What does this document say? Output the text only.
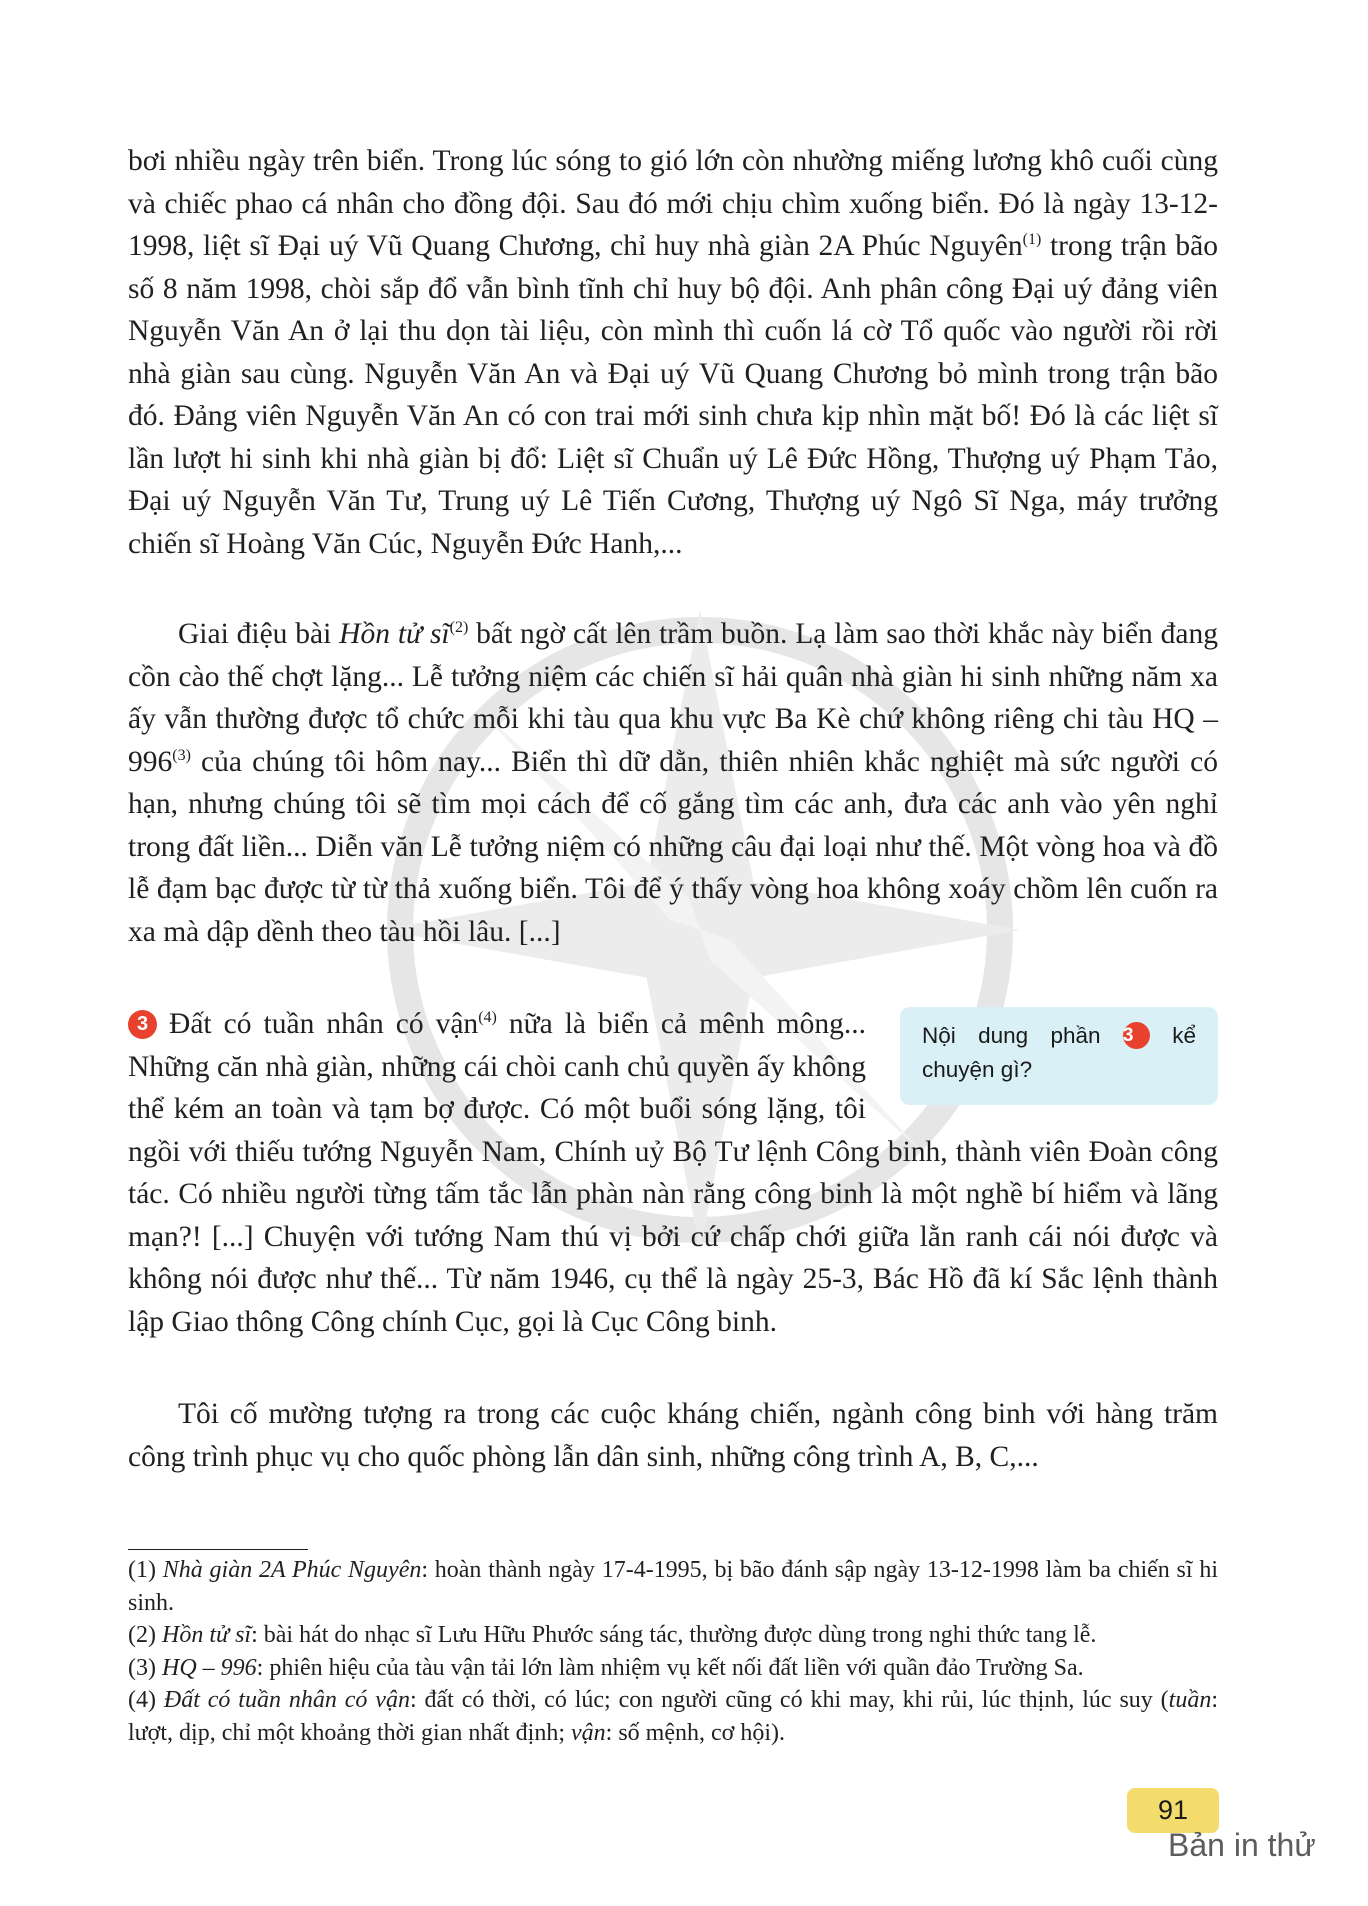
bơi nhiều ngày trên biển. Trong lúc sóng to gió lớn còn nhường miếng lương khô cuối cùng và chiếc phao cá nhân cho đồng đội. Sau đó mới chịu chìm xuống biển. Đó là ngày 13-12-1998, liệt sĩ Đại uý Vũ Quang Chương, chỉ huy nhà giàn 2A Phúc Nguyên$^{(1)}$ trong trận bão số 8 năm 1998, chòi sắp đổ vẫn bình tĩnh chỉ huy bộ đội. Anh phân công Đại uý đảng viên Nguyễn Văn An ở lại thu dọn tài liệu, còn mình thì cuốn lá cờ Tổ quốc vào người rồi rời nhà giàn sau cùng. Nguyễn Văn An và Đại uý Vũ Quang Chương bỏ mình trong trận bão đó. Đảng viên Nguyễn Văn An có con trai mới sinh chưa kịp nhìn mặt bố! Đó là các liệt sĩ lần lượt hi sinh khi nhà giàn bị đổ: Liệt sĩ Chuẩn uý Lê Đức Hồng, Thượng uý Phạm Tảo, Đại uý Nguyễn Văn Tư, Trung uý Lê Tiến Cương, Thượng uý Ngô Sĩ Nga, máy trưởng chiến sĩ Hoàng Văn Cúc, Nguyễn Đức Hanh,...

Giai điệu bài Hồn tử $sĩ^{(2)}$ bất ngờ cất lên trầm buồn. Lạ làm sao thời khắc này biển đang cồn cào thế chợt lặng... Lễ tưởng niệm các chiến sĩ hải quân nhà giàn hi sinh những năm xa ấy vẫn thường được tổ chức mỗi khi tàu qua khu vực Ba Kè chứ không riêng chi tàu HQ – 996$^{(3)}$ của chúng tôi hôm nay... Biển thì dữ dằn, thiên nhiên khắc nghiệt mà sức người có hạn, nhưng chúng tôi sẽ tìm mọi cách để cố gắng tìm các anh, đưa các anh vào yên nghỉ trong đất liền... Diễn văn Lễ tưởng niệm có những câu đại loại như thế. Một vòng hoa và đồ lễ đạm bạc được từ từ thả xuống biển. Tôi để ý thấy vòng hoa không xoáy chồm lên cuốn ra xa mà dập dềnh theo tàu hồi lâu. [...]

Nội dung phần 3 kể
chuyện gì?

3 Đất có tuần nhân có vận$^{(4)}$ nữa là biển cả mênh mông... Những căn nhà giàn, những cái chòi canh chủ quyền ấy không thể kém an toàn và tạm bợ được. Có một buổi sóng lặng, tôi ngồi với thiếu tướng Nguyễn Nam, Chính uỷ Bộ Tư lệnh Công binh, thành viên Đoàn công tác. Có nhiều người từng tấm tắc lẫn phàn nàn rằng công binh là một nghề bí hiểm và lãng mạn?! [...] Chuyện với tướng Nam thú vị bởi cứ chấp chới giữa lằn ranh cái nói được và không nói được như thế... Từ năm 1946, cụ thể là ngày 25-3, Bác Hồ đã kí Sắc lệnh thành lập Giao thông Công chính Cục, gọi là Cục Công binh.

Tôi cố mường tượng ra trong các cuộc kháng chiến, ngành công binh với hàng trăm công trình phục vụ cho quốc phòng lẫn dân sinh, những công trình A, B, C,...

(1) Nhà giàn 2A Phúc Nguyên: hoàn thành ngày 17-4-1995, bị bão đánh sập ngày 13-12-1998 làm ba chiến sĩ hi sinh.

(2) Hồn tử sĩ: bài hát do nhạc sĩ Lưu Hữu Phước sáng tác, thường được dùng trong nghi thức tang lễ.

(3) HQ – 996: phiên hiệu của tàu vận tải lớn làm nhiệm vụ kết nối đất liền với quần đảo Trường Sa.

(4) Đất có tuần nhân có vận: đất có thời, có lúc; con người cũng có khi may, khi rủi, lúc thịnh, lúc suy (tuần: lượt, dịp, chỉ một khoảng thời gian nhất định; vận: số mệnh, cơ hội).

91
Bản in thử
